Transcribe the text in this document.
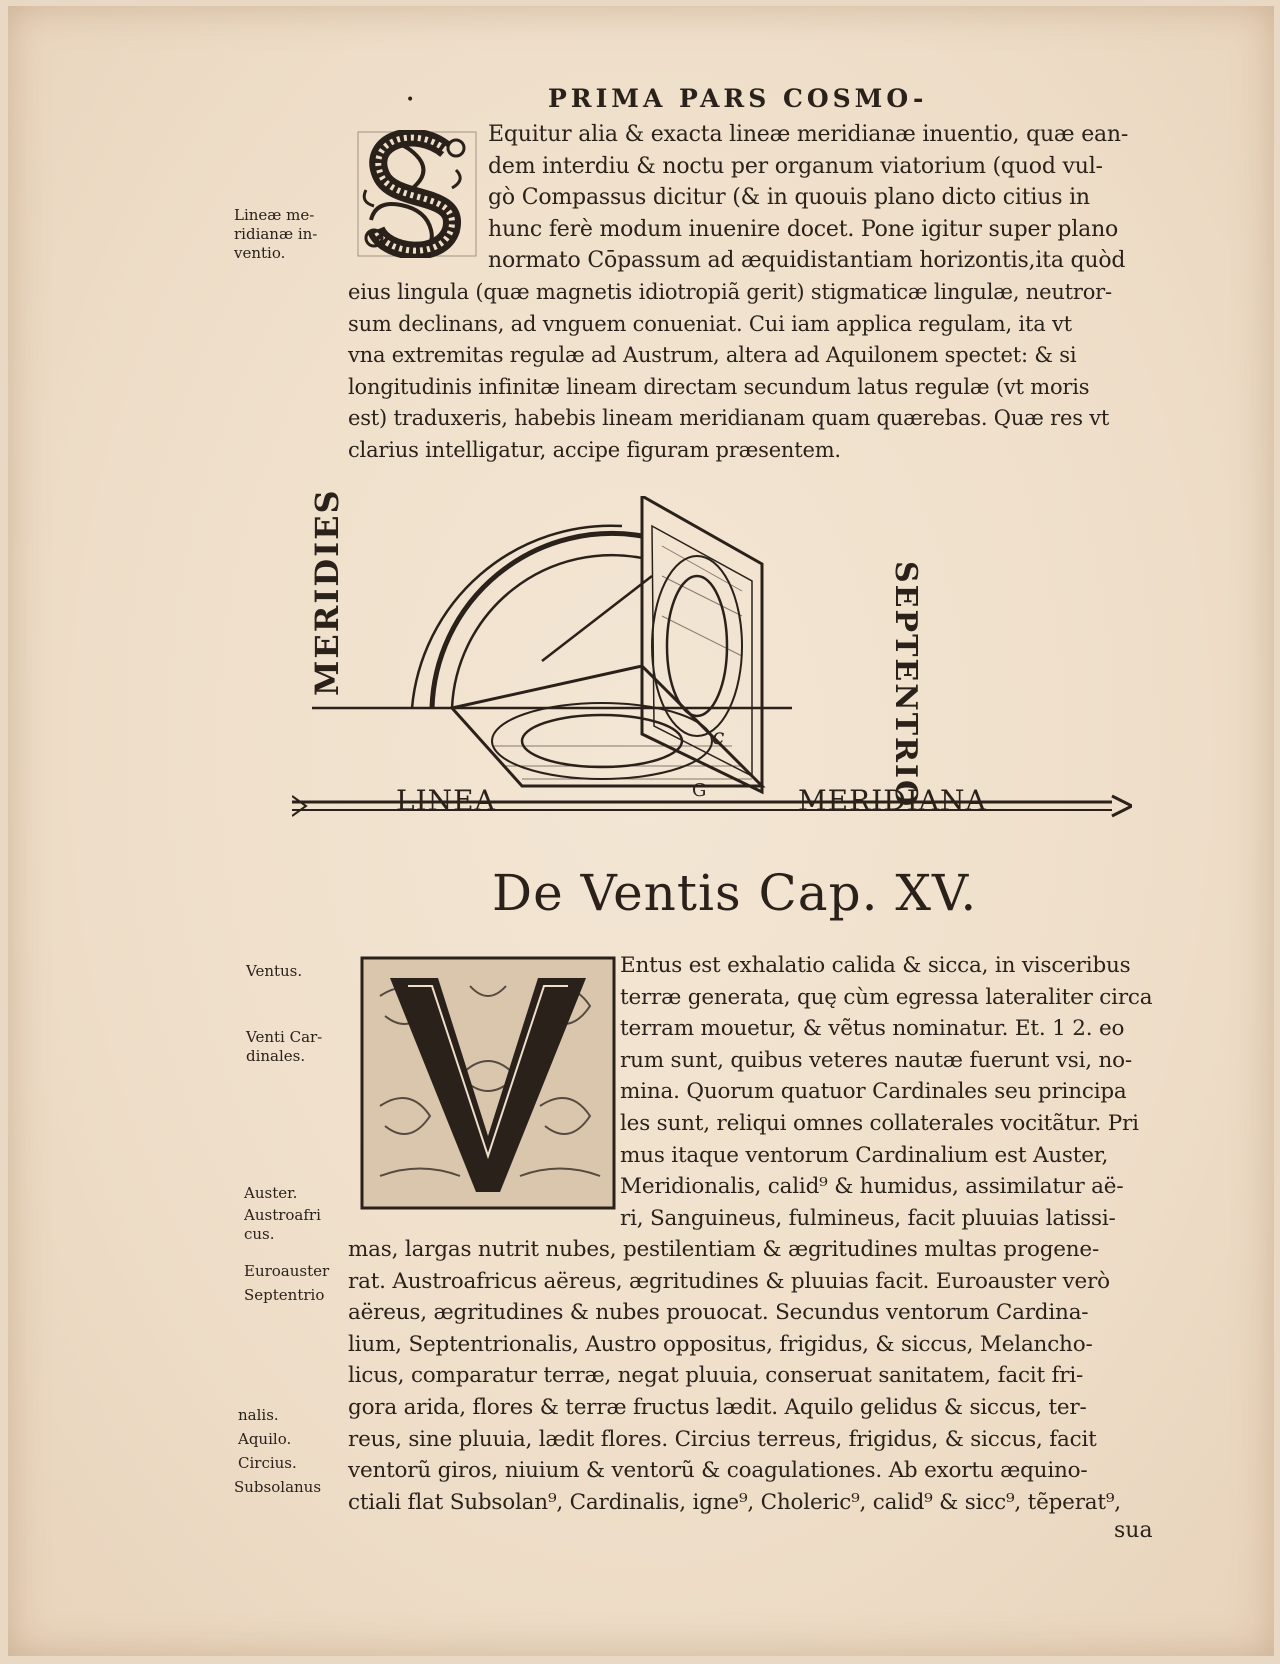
•	PRIMA PARS COSMO-
Equitur alia & exacta lineæ meridianæ inuentio, quæ ean-
dem interdiu & noctu per organum viatorium (quod vul-
gò Compassus dicitur (& in quouis plano dicto citius in
hunc ferè modum inuenire docet. Pone igitur super plano
normato Cōpassum ad æquidistantiam horizontis,ita quòd
eius lingula (quæ magnetis idiotropiã gerit) stigmaticæ lingulæ, neutror-
sum declinans, ad vnguem conueniat. Cui iam applica regulam, ita vt
vna extremitas regulæ ad Austrum, altera ad Aquilonem spectet: & si
longitudinis infinitæ lineam directam secundum latus regulæ (vt moris
est) traduxeris, habebis lineam meridianam quam quærebas. Quæ res vt
clarius intelligatur, accipe figuram præsentem.
Lineæ me-
ridianæ in-
ventio.
c
G
MERIDIES	SEPTENTRIO
LINEA	MERIDIANA
De Ventis Cap. XV.
Entus est exhalatio calida & sicca, in visceribus
terræ generata, quę cùm egressa lateraliter circa
terram mouetur, & vẽtus nominatur. Et. 1 2. eo
rum sunt, quibus veteres nautæ fuerunt vsi, no-
mina. Quorum quatuor Cardinales seu principa
les sunt, reliqui omnes collaterales vocitãtur. Pri
mus itaque ventorum Cardinalium est Auster,
Meridionalis, calid⁹ & humidus, assimilatur aë-
ri, Sanguineus, fulmineus, facit pluuias latissi-
mas, largas nutrit nubes, pestilentiam & ægritudines multas progene-
rat. Austroafricus aëreus, ægritudines & pluuias facit. Euroauster verò
aëreus, ægritudines & nubes prouocat. Secundus ventorum Cardina-
lium, Septentrionalis, Austro oppositus, frigidus, & siccus, Melancho-
licus, comparatur terræ, negat pluuia, conseruat sanitatem, facit fri-
gora arida, flores & terræ fructus lædit. Aquilo gelidus & siccus, ter-
reus, sine pluuia, lædit flores. Circius terreus, frigidus, & siccus, facit
ventorũ giros, niuium & ventorũ & coagulationes. Ab exortu æquino-
ctiali flat Subsolan⁹, Cardinalis, igne⁹, Choleric⁹, calid⁹ & sicc⁹, tẽperat⁹,
Ventus.
Venti Car-
dinales.
Auster.
Austroafri
cus.
Euroauster
Septentrio
nalis.
Aquilo.
Circius.
Subsolanus
sua
